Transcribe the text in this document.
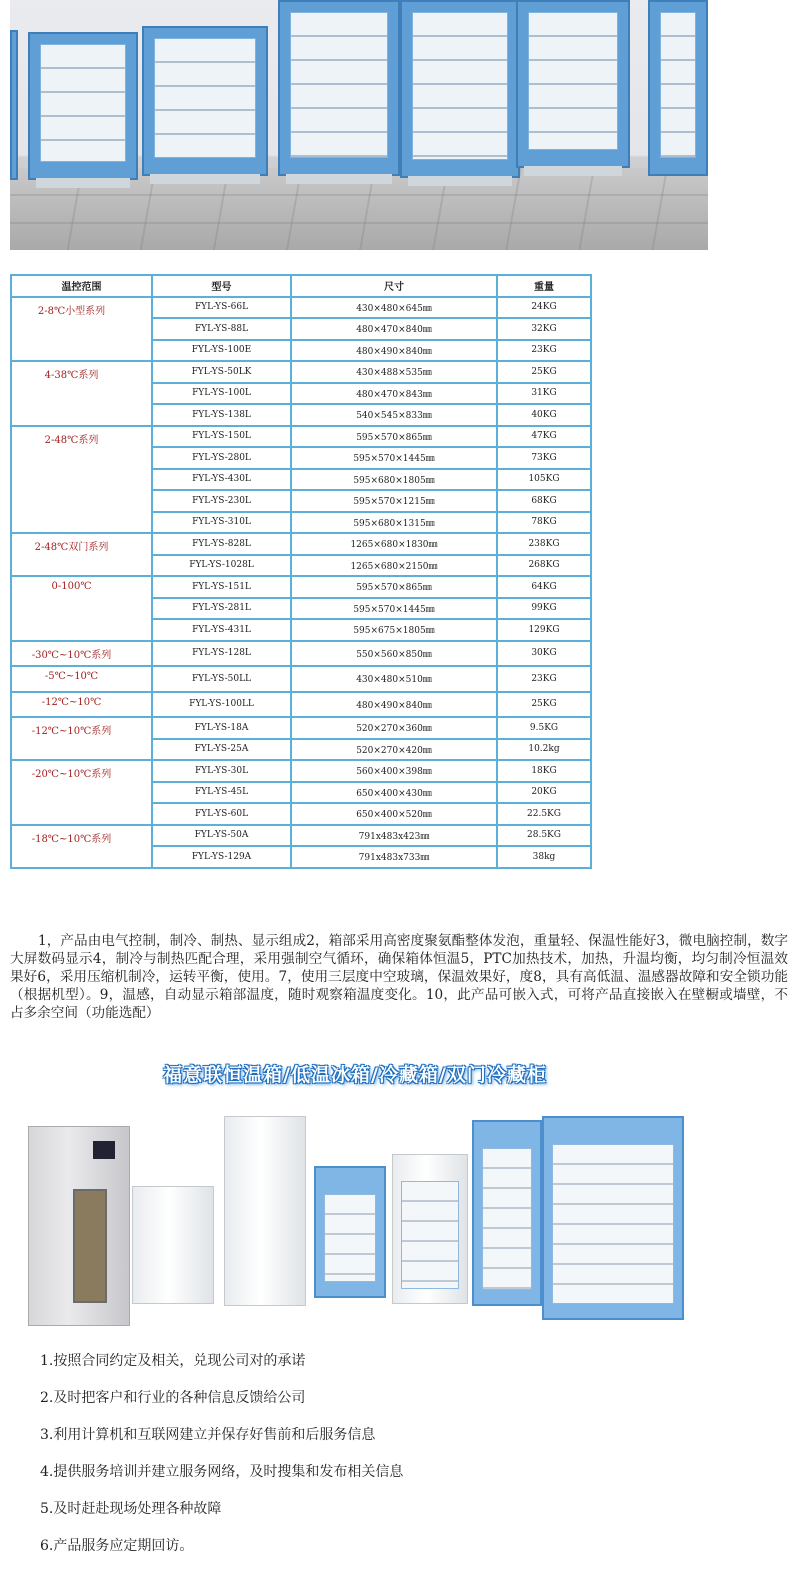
温控范围	型号	尺寸	重量
2-8℃小型系列	FYL-YS-66L	430×480×645㎜	24KG
	FYL-YS-88L	480×470×840㎜	32KG
	FYL-YS-100E	480×490×840㎜	23KG
4-38℃系列	FYL-YS-50LK	430×488×535㎜	25KG
	FYL-YS-100L	480×470×843㎜	31KG
	FYL-YS-138L	540×545×833㎜	40KG
2-48℃系列	FYL-YS-150L	595×570×865㎜	47KG
	FYL-YS-280L	595×570×1445㎜	73KG
	FYL-YS-430L	595×680×1805㎜	105KG
	FYL-YS-230L	595×570×1215㎜	68KG
	FYL-YS-310L	595×680×1315㎜	78KG
2-48℃双门系列	FYL-YS-828L	1265×680×1830㎜	238KG
	FYL-YS-1028L	1265×680×2150㎜	268KG
0-100℃	FYL-YS-151L	595×570×865㎜	64KG
	FYL-YS-281L	595×570×1445㎜	99KG
	FYL-YS-431L	595×675×1805㎜	129KG
-30℃~10℃系列	FYL-YS-128L	550×560×850㎜	30KG
-5℃~10℃	FYL-YS-50LL	430×480×510㎜	23KG
-12℃~10℃	FYL-YS-100LL	480×490×840㎜	25KG
-12℃~10℃系列	FYL-YS-18A	520×270×360㎜	9.5KG
	FYL-YS-25A	520×270×420㎜	10.2kg
-20℃~10℃系列	FYL-YS-30L	560×400×398㎜	18KG
	FYL-YS-45L	650×400×430㎜	20KG
	FYL-YS-60L	650×400×520㎜	22.5KG
-18℃~10℃系列	FYL-YS-50A	791x483x423㎜	28.5KG
	FYL-YS-129A	791x483x733㎜	38kg

1，产品由电气控制，制冷、制热、显示组成2，箱部采用高密度聚氨酯整体发泡，重量轻、保温性能好3，微电脑控制，数字大屏数码显示4，制冷与制热匹配合理，采用强制空气循环，确保箱体恒温5，PTC加热技术，加热，升温均衡，均匀制冷恒温效果好6，采用压缩机制冷，运转平衡，使用。7，使用三层度中空玻璃，保温效果好，度8，具有高低温、温感器故障和安全锁功能（根据机型）。9，温感，自动显示箱部温度，随时观察箱温度变化。10，此产品可嵌入式，可将产品直接嵌入在壁橱或墙壁，不占多余空间（功能选配）

福意联恒温箱/低温冰箱/冷藏箱/双门冷藏柜
1.按照合同约定及相关，兑现公司对的承诺
2.及时把客户和行业的各种信息反馈给公司
3.利用计算机和互联网建立并保存好售前和后服务信息
4.提供服务培训并建立服务网络，及时搜集和发布相关信息
5.及时赶赴现场处理各种故障
6.产品服务应定期回访。
